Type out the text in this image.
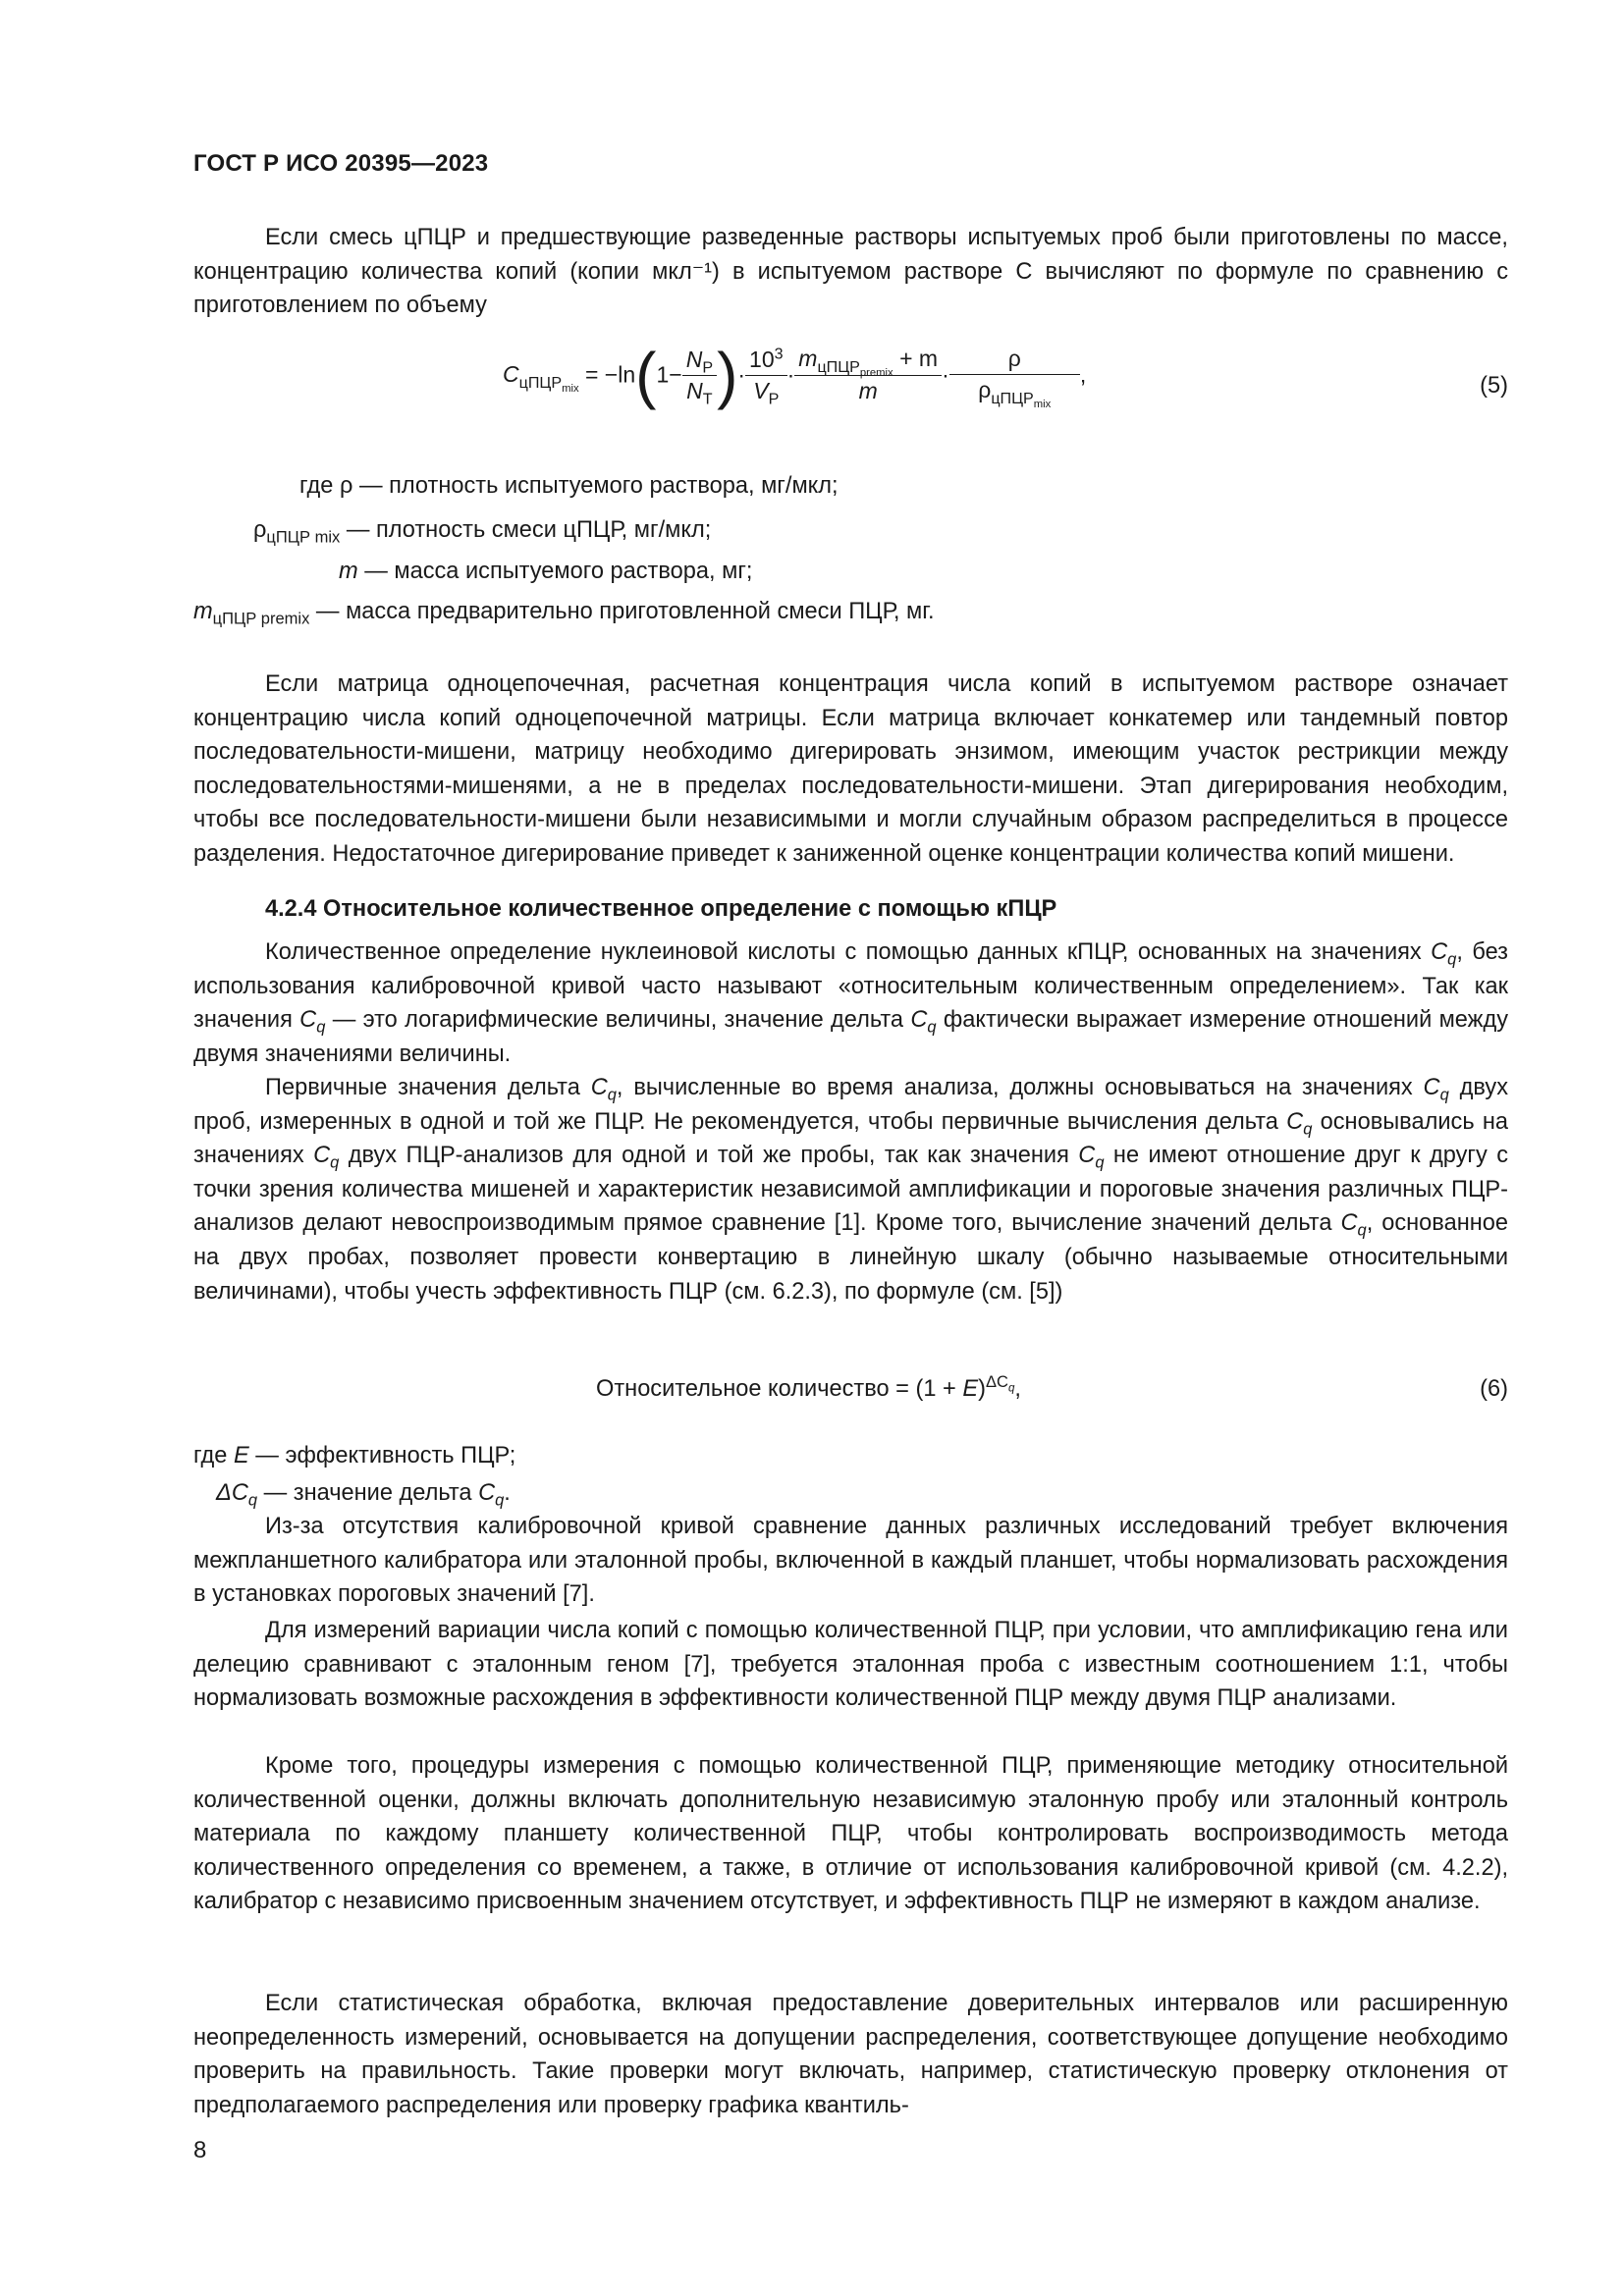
ГОСТ Р ИСО 20395—2023

Если смесь цПЦР и предшествующие разведенные растворы испытуемых проб были приготовлены по массе, концентрацию количества копий (копии мкл⁻¹) в испытуемом растворе C вычисляют по формуле по сравнению с приготовлением по объему

$C_{цПЦР_{mix}} = -\ln(1- \frac{N_P}{N_T}$ )· $\frac{10^3}{V_P} \cdot \frac{m_{цПЦР_{premix}} + m}{m} \cdot \frac{\rho}{\rho_{цПЦР_{mix}}}$ ,	(5)
где ρ — плотность испытуемого раствора, мг/мкл;
$\rho_{цПЦР mix}$ — плотность смеси цПЦР, мг/мкл;
m — масса испытуемого раствора, мг;
$m_{цПЦР premix}$ — масса предварительно приготовленной смеси ПЦР, мг.

Если матрица одноцепочечная, расчетная концентрация числа копий в испытуемом растворе означает концентрацию числа копий одноцепочечной матрицы. Если матрица включает конкатемер или тандемный повтор последовательности-мишени, матрицу необходимо дигерировать энзимом, имеющим участок рестрикции между последовательностями-мишенями, а не в пределах последовательности-мишени. Этап дигерирования необходим, чтобы все последовательности-мишени были независимыми и могли случайным образом распределиться в процессе разделения. Недостаточное дигерирование приведет к заниженной оценке концентрации количества копий мишени.

4.2.4 Относительное количественное определение с помощью кПЦР

Количественное определение нуклеиновой кислоты с помощью данных кПЦР, основанных на значениях $C_q$, без использования калибровочной кривой часто называют «относительным количественным определением». Так как значения $C_q$ — это логарифмические величины, значение дельта $C_q$ фактически выражает измерение отношений между двумя значениями величины.

Первичные значения дельта $C_q$, вычисленные во время анализа, должны основываться на значениях $C_q$ двух проб, измеренных в одной и той же ПЦР. Не рекомендуется, чтобы первичные вычисления дельта $C_q$ основывались на значениях $C_q$ двух ПЦР-анализов для одной и той же пробы, так как значения $C_q$ не имеют отношение друг к другу с точки зрения количества мишеней и характеристик независимой амплификации и пороговые значения различных ПЦР-анализов делают невоспроизводимым прямое сравнение [1]. Кроме того, вычисление значений дельта $C_q$, основанное на двух пробах, позволяет провести конвертацию в линейную шкалу (обычно называемые относительными величинами), чтобы учесть эффективность ПЦР (см. 6.2.3), по формуле (см. [5])

Относительное количество = $(1 + E)^{\Delta C_q}$,	(6)
где E — эффективность ПЦР;
$\Delta C_q$ — значение дельта $C_q$.

Из-за отсутствия калибровочной кривой сравнение данных различных исследований требует включения межпланшетного калибратора или эталонной пробы, включенной в каждый планшет, чтобы нормализовать расхождения в установках пороговых значений [7].

Для измерений вариации числа копий с помощью количественной ПЦР, при условии, что амплификацию гена или делецию сравнивают с эталонным геном [7], требуется эталонная проба с известным соотношением 1:1, чтобы нормализовать возможные расхождения в эффективности количественной ПЦР между двумя ПЦР анализами.

Кроме того, процедуры измерения с помощью количественной ПЦР, применяющие методику относительной количественной оценки, должны включать дополнительную независимую эталонную пробу или эталонный контроль материала по каждому планшету количественной ПЦР, чтобы контролировать воспроизводимость метода количественного определения со временем, а также, в отличие от использования калибровочной кривой (см. 4.2.2), калибратор с независимо присвоенным значением отсутствует, и эффективность ПЦР не измеряют в каждом анализе.

Если статистическая обработка, включая предоставление доверительных интервалов или расширенную неопределенность измерений, основывается на допущении распределения, соответствующее допущение необходимо проверить на правильность. Такие проверки могут включать, например, статистическую проверку отклонения от предполагаемого распределения или проверку графика квантиль-

8
